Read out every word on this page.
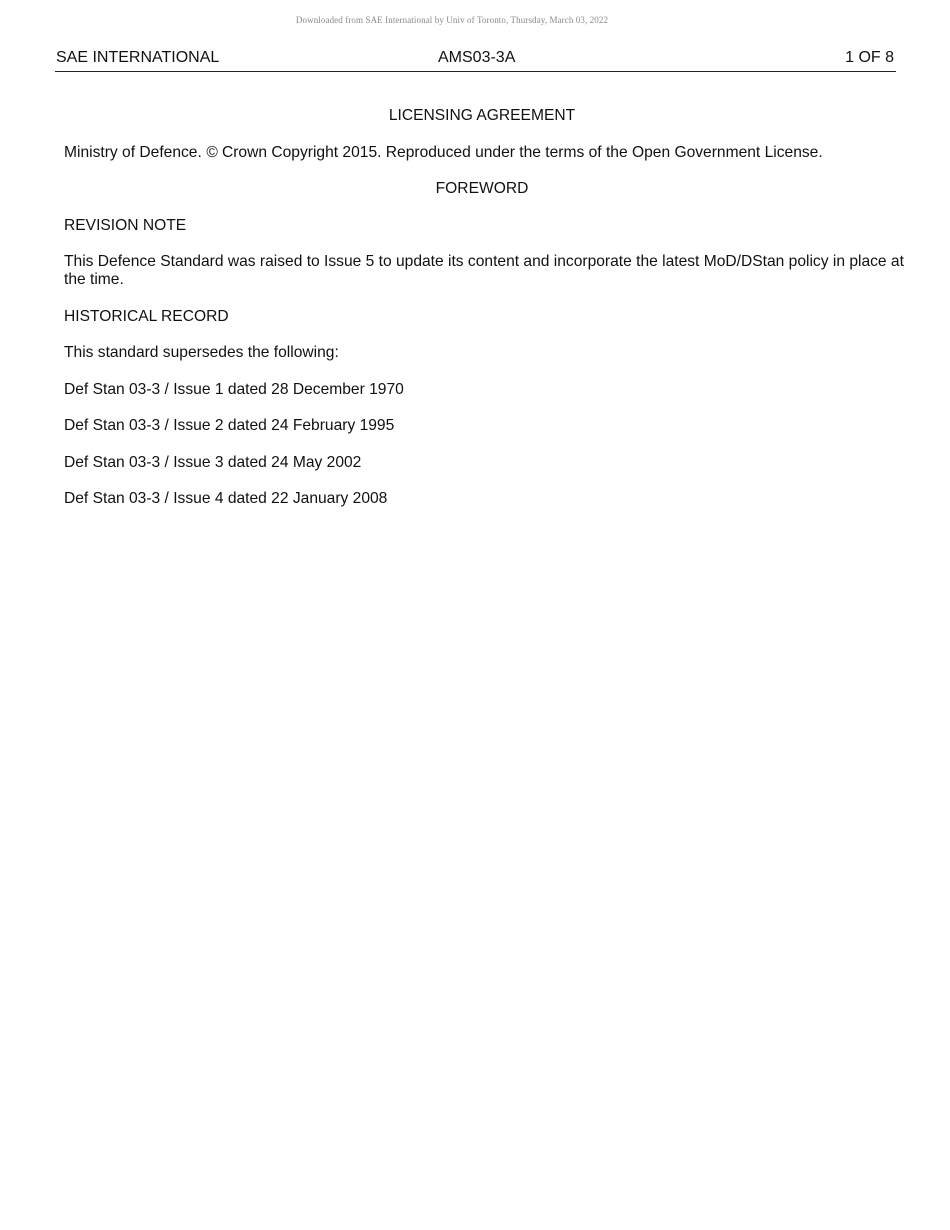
Downloaded from SAE International by Univ of Toronto, Thursday, March 03, 2022
SAE INTERNATIONAL	AMS03-3A	1 OF 8

LICENSING AGREEMENT

Ministry of Defence. © Crown Copyright 2015. Reproduced under the terms of the Open Government License.

FOREWORD

REVISION NOTE

This Defence Standard was raised to Issue 5 to update its content and incorporate the latest MoD/DStan policy in place at the time.

HISTORICAL RECORD

This standard supersedes the following:

Def Stan 03-3 / Issue 1 dated 28 December 1970

Def Stan 03-3 / Issue 2 dated 24 February 1995

Def Stan 03-3 / Issue 3 dated 24 May 2002

Def Stan 03-3 / Issue 4 dated 22 January 2008
